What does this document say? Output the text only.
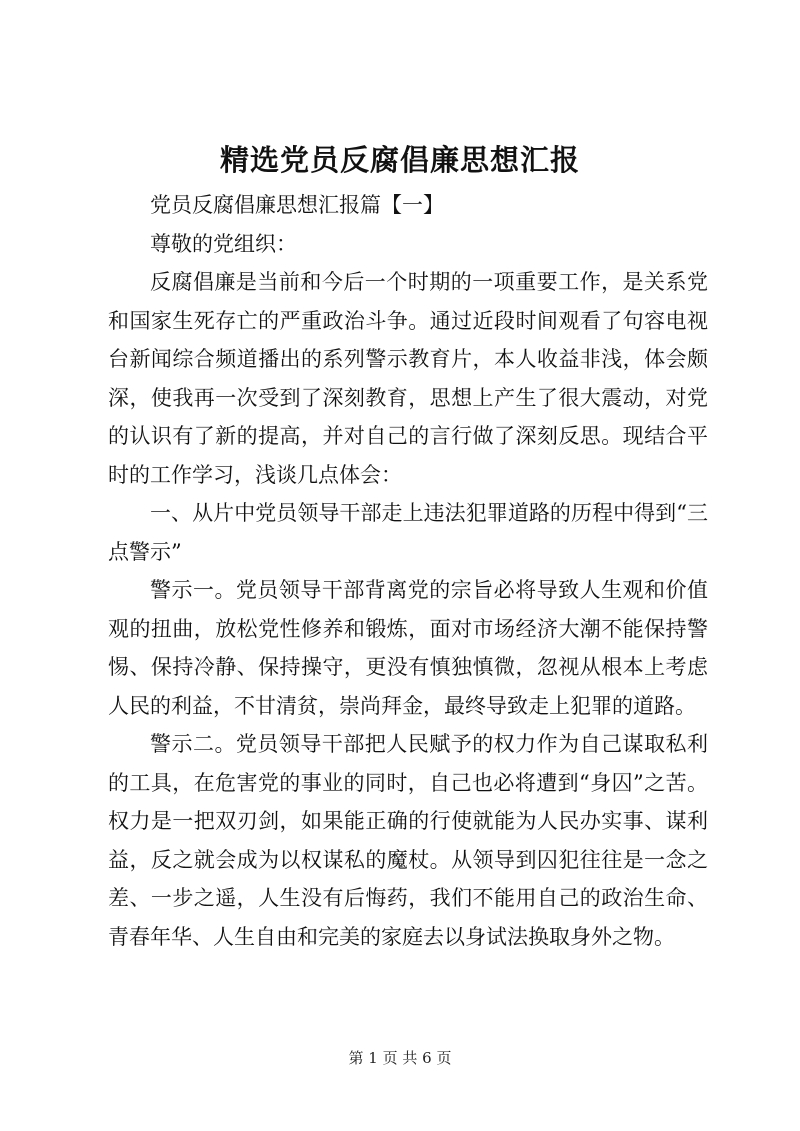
精选党员反腐倡廉思想汇报

党员反腐倡廉思想汇报篇【一】

尊敬的党组织：

反腐倡廉是当前和今后一个时期的一项重要工作，是关系党和国家生死存亡的严重政治斗争。通过近段时间观看了句容电视台新闻综合频道播出的系列警示教育片，本人收益非浅，体会颇深，使我再一次受到了深刻教育，思想上产生了很大震动，对党的认识有了新的提高，并对自己的言行做了深刻反思。现结合平时的工作学习，浅谈几点体会：

一、从片中党员领导干部走上违法犯罪道路的历程中得到“三点警示”

警示一。党员领导干部背离党的宗旨必将导致人生观和价值观的扭曲，放松党性修养和锻炼，面对市场经济大潮不能保持警惕、保持冷静、保持操守，更没有慎独慎微，忽视从根本上考虑人民的利益，不甘清贫，崇尚拜金，最终导致走上犯罪的道路。

警示二。党员领导干部把人民赋予的权力作为自己谋取私利的工具，在危害党的事业的同时，自己也必将遭到“身囚”之苦。权力是一把双刃剑，如果能正确的行使就能为人民办实事、谋利益，反之就会成为以权谋私的魔杖。从领导到囚犯往往是一念之差、一步之遥，人生没有后悔药，我们不能用自己的政治生命、青春年华、人生自由和完美的家庭去以身试法换取身外之物。

第 1 页 共 6 页
